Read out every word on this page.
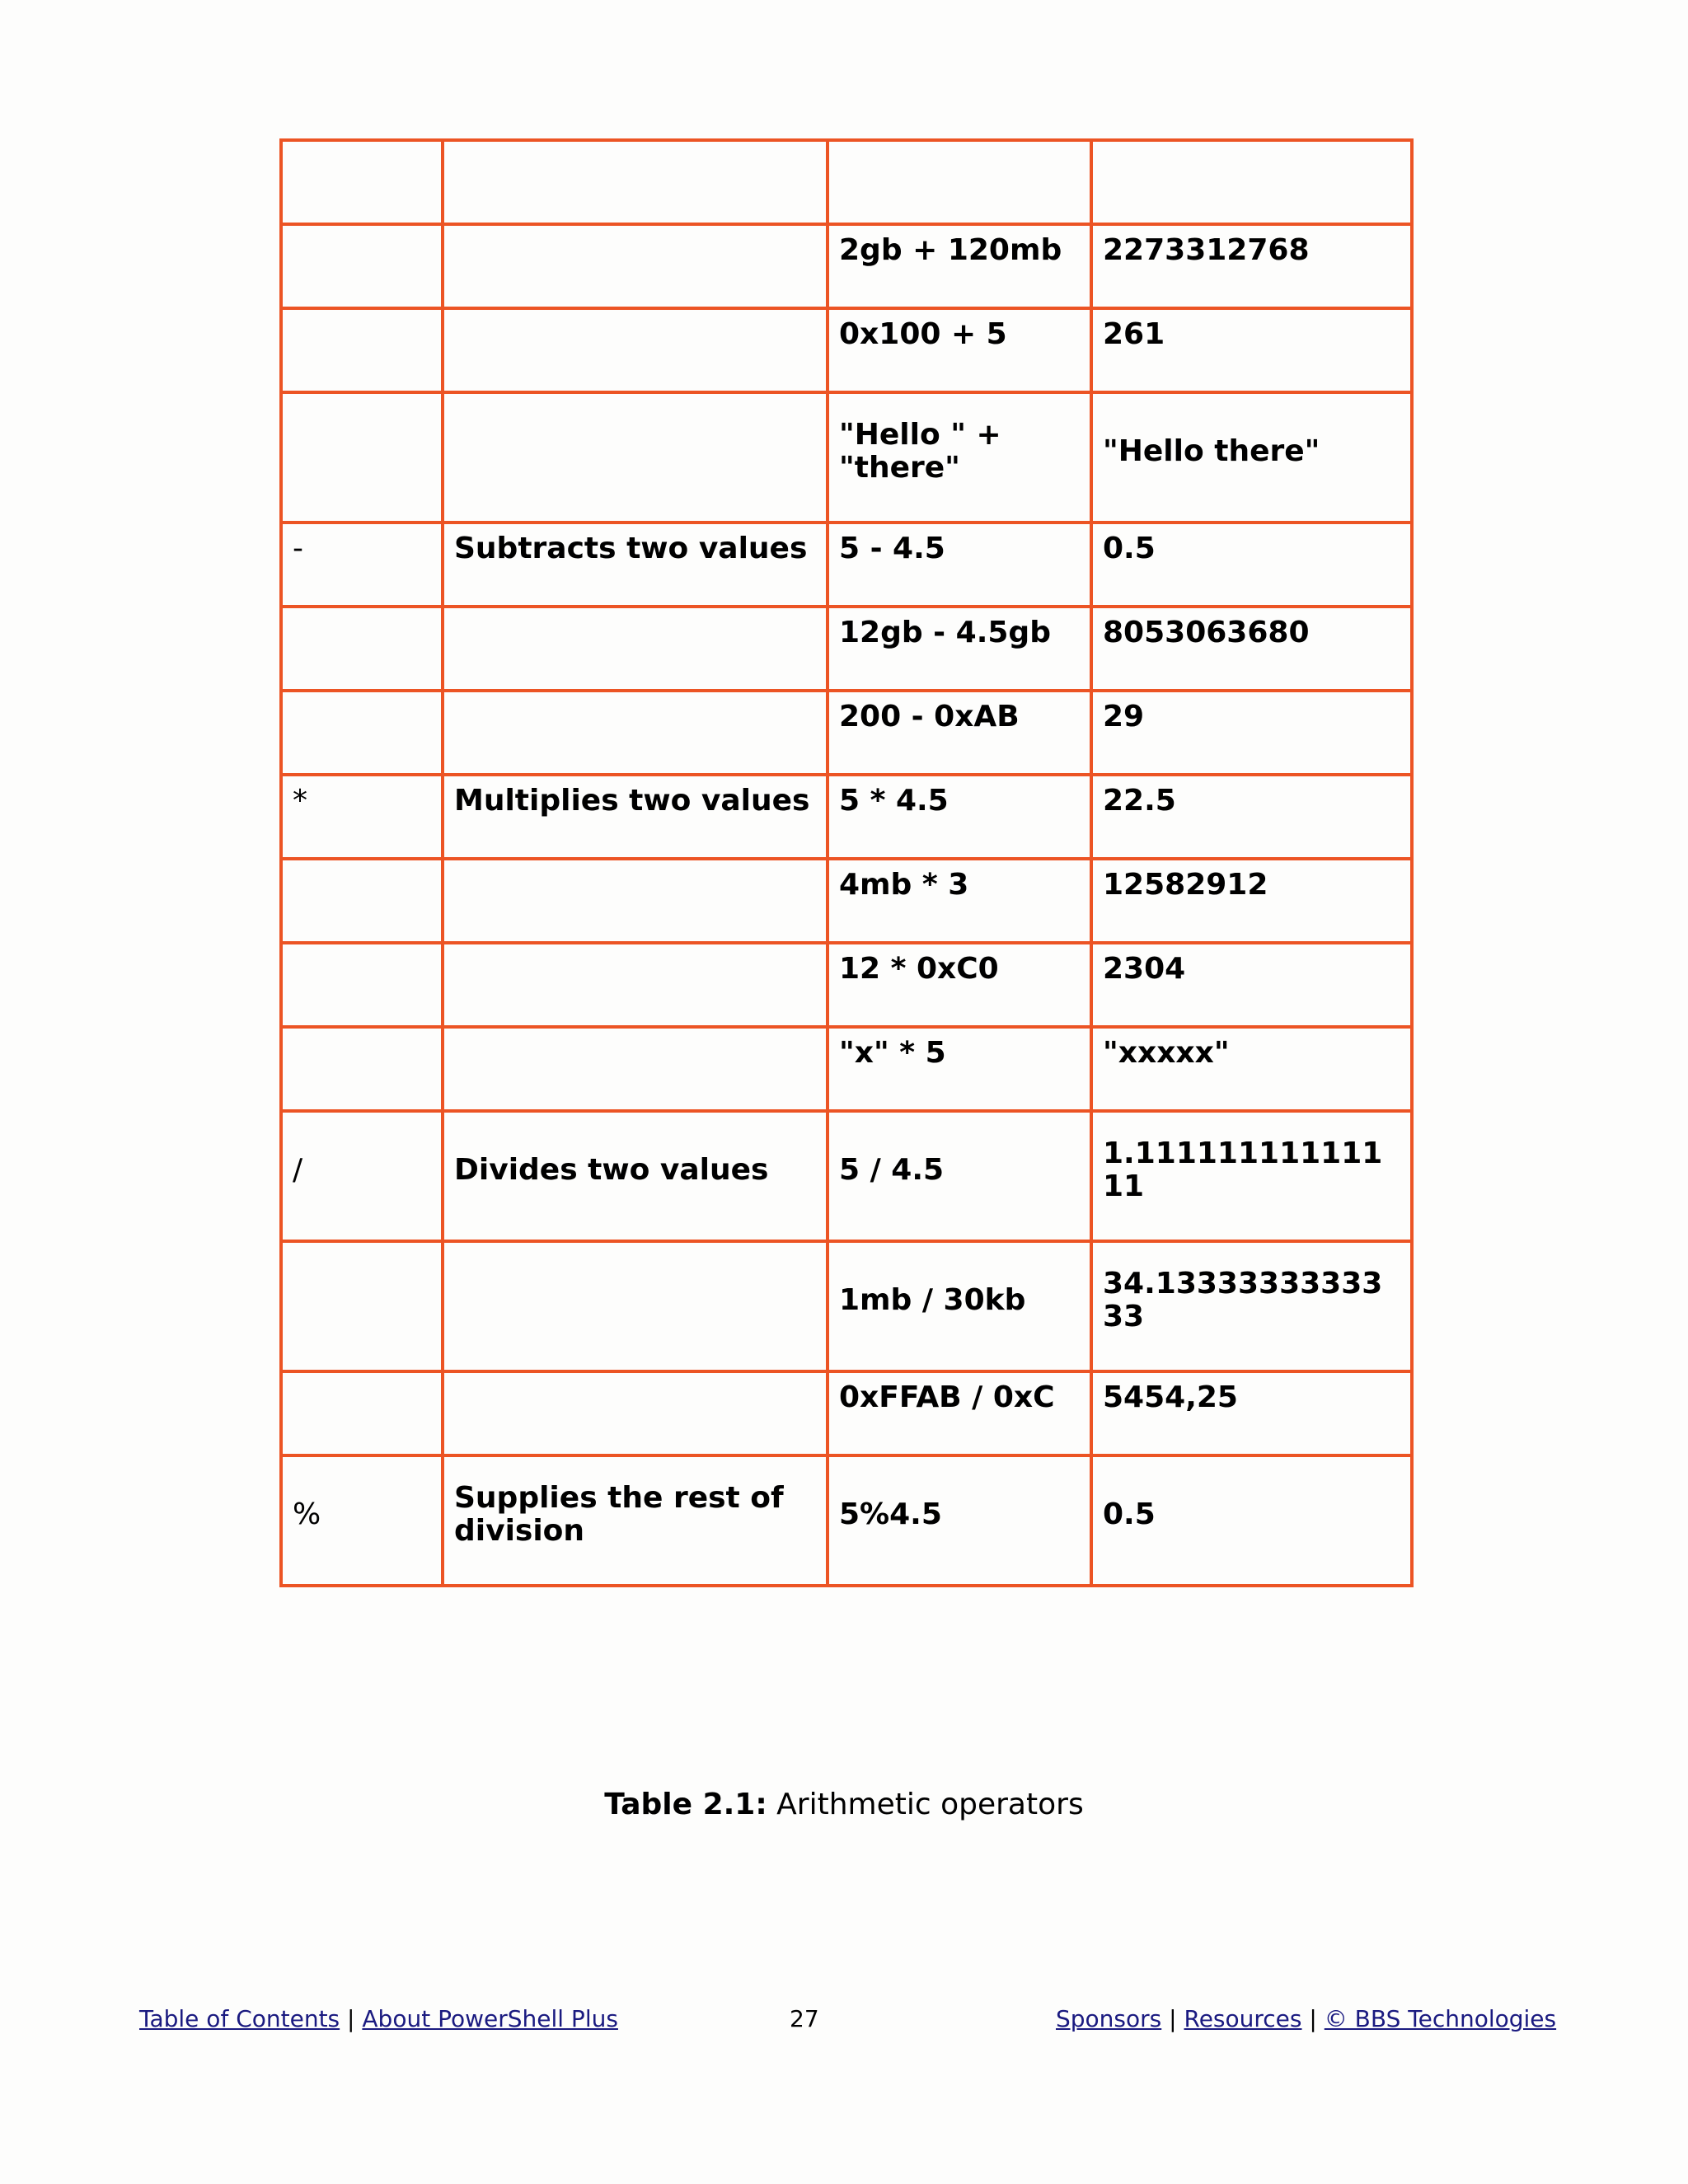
		2gb + 120mb	2273312768
		0x100 + 5	261
		"Hello " + "there"	"Hello there"
-	Subtracts two values	5 - 4.5	0.5
		12gb - 4.5gb	8053063680
		200 - 0xAB	29
*	Multiplies two values	5 * 4.5	22.5
		4mb * 3	12582912
		12 * 0xC0	2304
		"x" * 5	"xxxxx"
/	Divides two values	5 / 4.5	1.11111111111111
		1mb / 30kb	34.1333333333333
		0xFFAB / 0xC	5454,25
%	Supplies the rest of division	5%4.5	0.5
Table 2.1: Arithmetic operators
Table of Contents | About PowerShell Plus	27	Sponsors | Resources | © BBS Technologies
